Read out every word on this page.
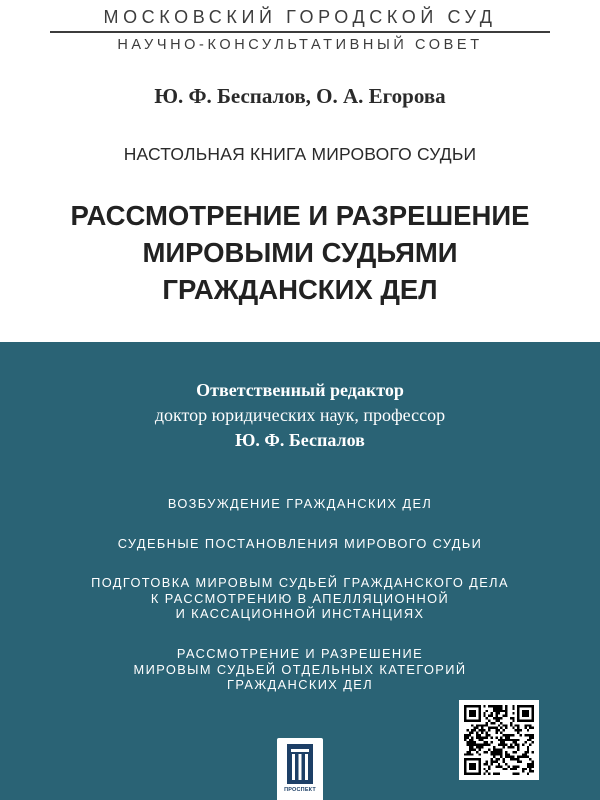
МОСКОВСКИЙ ГОРОДСКОЙ СУД
НАУЧНО-КОНСУЛЬТАТИВНЫЙ СОВЕТ
Ю. Ф. Беспалов, О. А. Егорова
НАСТОЛЬНАЯ КНИГА МИРОВОГО СУДЬИ
РАССМОТРЕНИЕ И РАЗРЕШЕНИЕ
МИРОВЫМИ СУДЬЯМИ
ГРАЖДАНСКИХ ДЕЛ
Ответственный редактор
доктор юридических наук, профессор
Ю. Ф. Беспалов
ВОЗБУЖДЕНИЕ ГРАЖДАНСКИХ ДЕЛ
СУДЕБНЫЕ ПОСТАНОВЛЕНИЯ МИРОВОГО СУДЬИ
ПОДГОТОВКА МИРОВЫМ СУДЬЕЙ ГРАЖДАНСКОГО ДЕЛА
К РАССМОТРЕНИЮ В АПЕЛЛЯЦИОННОЙ
И КАССАЦИОННОЙ ИНСТАНЦИЯХ
РАССМОТРЕНИЕ И РАЗРЕШЕНИЕ
МИРОВЫМ СУДЬЕЙ ОТДЕЛЬНЫХ КАТЕГОРИЙ
ГРАЖДАНСКИХ ДЕЛ
ПРОСПЕКТ
